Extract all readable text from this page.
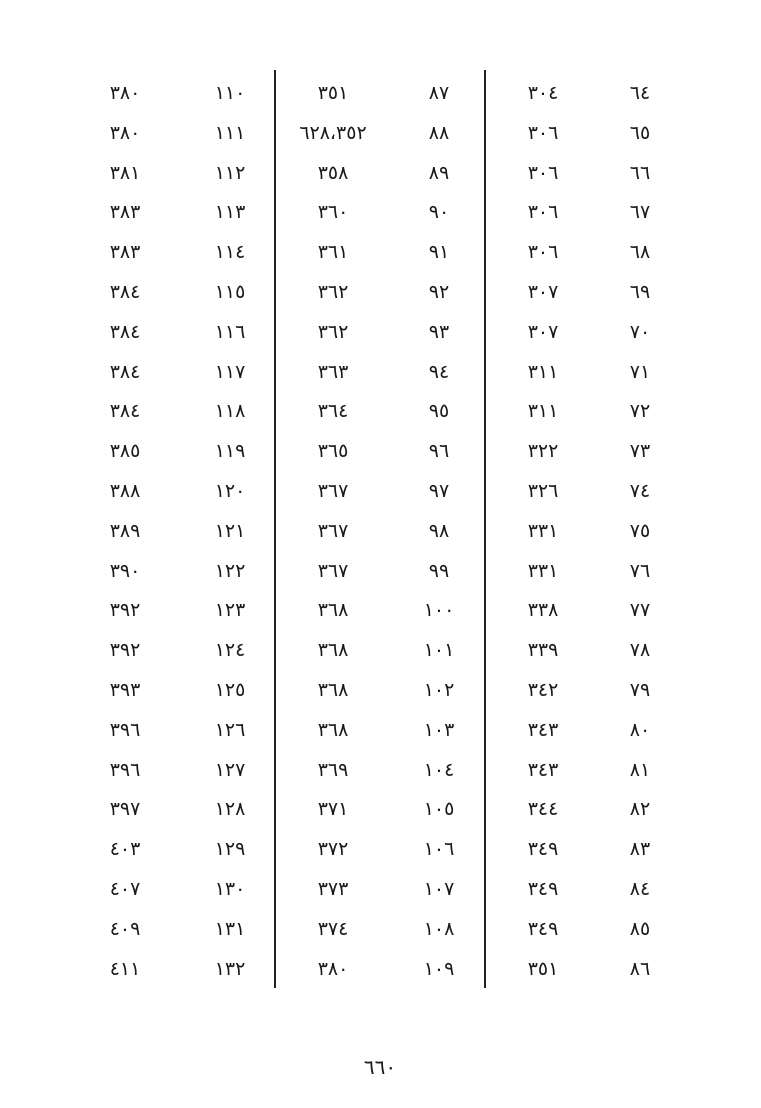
٦٤
٦٥
٦٦
٦٧
٦٨
٦٩
٧٠
٧١
٧٢
٧٣
٧٤
٧٥
٧٦
٧٧
٧٨
٧٩
٨٠
٨١
٨٢
٨٣
٨٤
٨٥
٨٦
٣٠٤
٣٠٦
٣٠٦
٣٠٦
٣٠٦
٣٠٧
٣٠٧
٣١١
٣١١
٣٢٢
٣٢٦
٣٣١
٣٣١
٣٣٨
٣٣٩
٣٤٢
٣٤٣
٣٤٣
٣٤٤
٣٤٩
٣٤٩
٣٤٩
٣٥١
٨٧
٨٨
٨٩
٩٠
٩١
٩٢
٩٣
٩٤
٩٥
٩٦
٩٧
٩٨
٩٩
١٠٠
١٠١
١٠٢
١٠٣
١٠٤
١٠٥
١٠٦
١٠٧
١٠٨
١٠٩
٣٥١
٦٢٨،٣٥٢
٣٥٨
٣٦٠
٣٦١
٣٦٢
٣٦٢
٣٦٣
٣٦٤
٣٦٥
٣٦٧
٣٦٧
٣٦٧
٣٦٨
٣٦٨
٣٦٨
٣٦٨
٣٦٩
٣٧١
٣٧٢
٣٧٣
٣٧٤
٣٨٠
١١٠
١١١
١١٢
١١٣
١١٤
١١٥
١١٦
١١٧
١١٨
١١٩
١٢٠
١٢١
١٢٢
١٢٣
١٢٤
١٢٥
١٢٦
١٢٧
١٢٨
١٢٩
١٣٠
١٣١
١٣٢
٣٨٠
٣٨٠
٣٨١
٣٨٣
٣٨٣
٣٨٤
٣٨٤
٣٨٤
٣٨٤
٣٨٥
٣٨٨
٣٨٩
٣٩٠
٣٩٢
٣٩٢
٣٩٣
٣٩٦
٣٩٦
٣٩٧
٤٠٣
٤٠٧
٤٠٩
٤١١
٦٦٠
